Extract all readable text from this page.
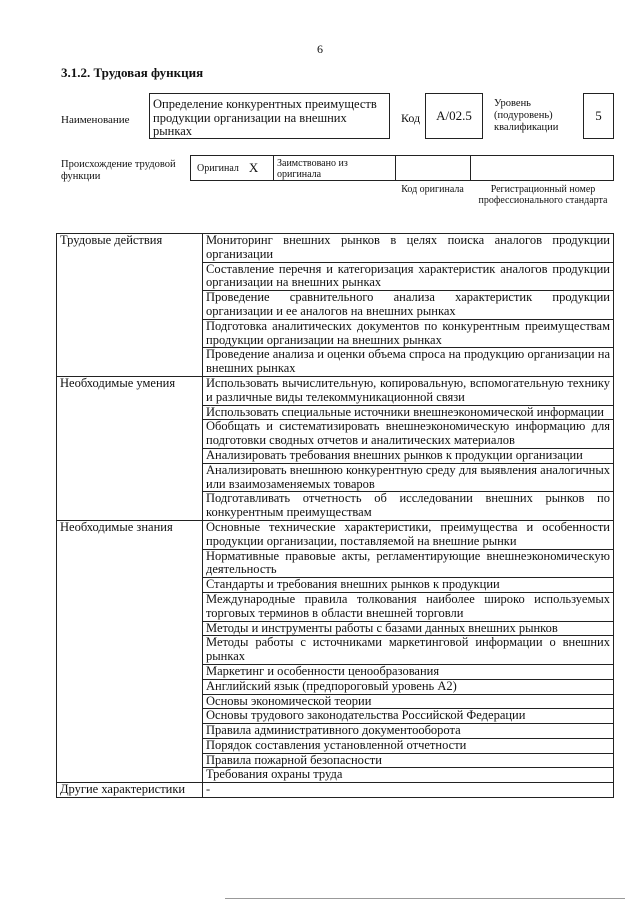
6
3.1.2. Трудовая функция
Наименование
Определение конкурентных преимуществ продукции организации на внешних рынках
Код A/02.5
Уровень (подуровень) квалификации
5
Происхождение трудовой функции
Оригинал X	Заимствовано из оригинала
Код оригинала	Регистрационный номер профессионального стандарта
Трудовые действия	Мониторинг внешних рынков в целях поиска аналогов продукции организации
	Составление перечня и категоризация характеристик аналогов продукции организации на внешних рынках
	Проведение сравнительного анализа характеристик продукции организации и ее аналогов на внешних рынках
	Подготовка аналитических документов по конкурентным преимуществам продукции организации на внешних рынках
	Проведение анализа и оценки объема спроса на продукцию организации на внешних рынках
Необходимые умения	Использовать вычислительную, копировальную, вспомогательную технику и различные виды телекоммуникационной связи
	Использовать специальные источники внешнеэкономической информации
	Обобщать и систематизировать внешнеэкономическую информацию для подготовки сводных отчетов и аналитических материалов
	Анализировать требования внешних рынков к продукции организации
	Анализировать внешнюю конкурентную среду для выявления аналогичных или взаимозаменяемых товаров
	Подготавливать отчетность об исследовании внешних рынков по конкурентным преимуществам
Необходимые знания	Основные технические характеристики, преимущества и особенности продукции организации, поставляемой на внешние рынки
	Нормативные правовые акты, регламентирующие внешнеэкономическую деятельность
	Стандарты и требования внешних рынков к продукции
	Международные правила толкования наиболее широко используемых торговых терминов в области внешней торговли
	Методы и инструменты работы с базами данных внешних рынков
	Методы работы с источниками маркетинговой информации о внешних рынках
	Маркетинг и особенности ценообразования
	Английский язык (предпороговый уровень А2)
	Основы экономической теории
	Основы трудового законодательства Российской Федерации
	Правила административного документооборота
	Порядок составления установленной отчетности
	Правила пожарной безопасности
	Требования охраны труда
Другие характеристики	-
